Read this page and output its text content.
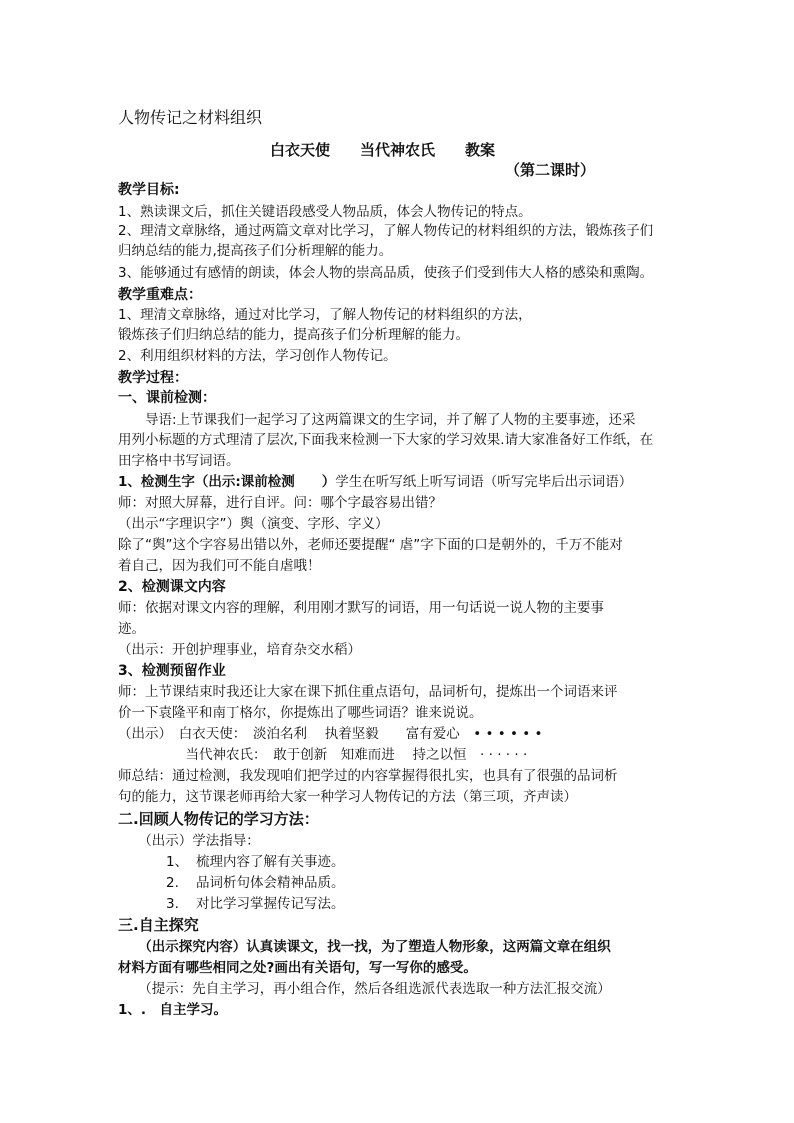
人物传记之材料组织
白衣天使　　当代神农氏　　教案
（第二课时）
教学目标:
1、熟读课文后，抓住关键语段感受人物品质，体会人物传记的特点。
2、理清文章脉络，通过两篇文章对比学习，了解人物传记的材料组织的方法，锻炼孩子们
归纳总结的能力,提高孩子们分析理解的能力。
3、能够通过有感情的朗读，体会人物的崇高品质，使孩子们受到伟大人格的感染和熏陶。
教学重难点：
1、理清文章脉络，通过对比学习，了解人物传记的材料组织的方法，
锻炼孩子们归纳总结的能力，提高孩子们分析理解的能力。
2、利用组织材料的方法，学习创作人物传记。
教学过程：
一、课前检测：
　　导语:上节课我们一起学习了这两篇课文的生字词，并了解了人物的主要事迹，还采
用列小标题的方式理清了层次,下面我来检测一下大家的学习效果.请大家准备好工作纸，在
田字格中书写词语。
1、检测生字（出示:课前检测　　）学生在听写纸上听写词语（听写完毕后出示词语）
师：对照大屏幕，进行自评。问：哪个字最容易出错？
（出示“字理识字”）舆（演变、字形、字义）
除了“舆”这个字容易出错以外，老师还要提醒“ 虐”字下面的口是朝外的，千万不能对
着自己，因为我们可不能自虐哦！
2、检测课文内容
师：依据对课文内容的理解，利用刚才默写的词语，用一句话说一说人物的主要事
迹。
（出示：开创护理事业，培育杂交水稻）
3、检测预留作业
师：上节课结束时我还让大家在课下抓住重点语句，品词析句，提炼出一个词语来评
价一下袁隆平和南丁格尔，你提炼出了哪些词语？谁来说说。
（出示）　白衣天使：　淡泊名利　 执着坚毅　　富有爱心　• • • • • •
　　　　　当代神农氏：　敢于创新　知难而进　 持之以恒　· · · · · ·
师总结：通过检测，我发现咱们把学过的内容掌握得很扎实，也具有了很强的品词析
句的能力，这节课老师再给大家一种学习人物传记的方法（第三项，齐声读）
二.回顾人物传记的学习方法：
　　（出示）学法指导：
1、 梳理内容了解有关事迹。
2. 品词析句体会精神品质。
3. 对比学习掌握传记写法。
三.自主探究
　　（出示探究内容）认真读课文，找一找，为了塑造人物形象，这两篇文章在组织
材料方面有哪些相同之处?画出有关语句，写一写你的感受。
　　（提示：先自主学习，再小组合作，然后各组选派代表选取一种方法汇报交流）
1、.　自主学习。
